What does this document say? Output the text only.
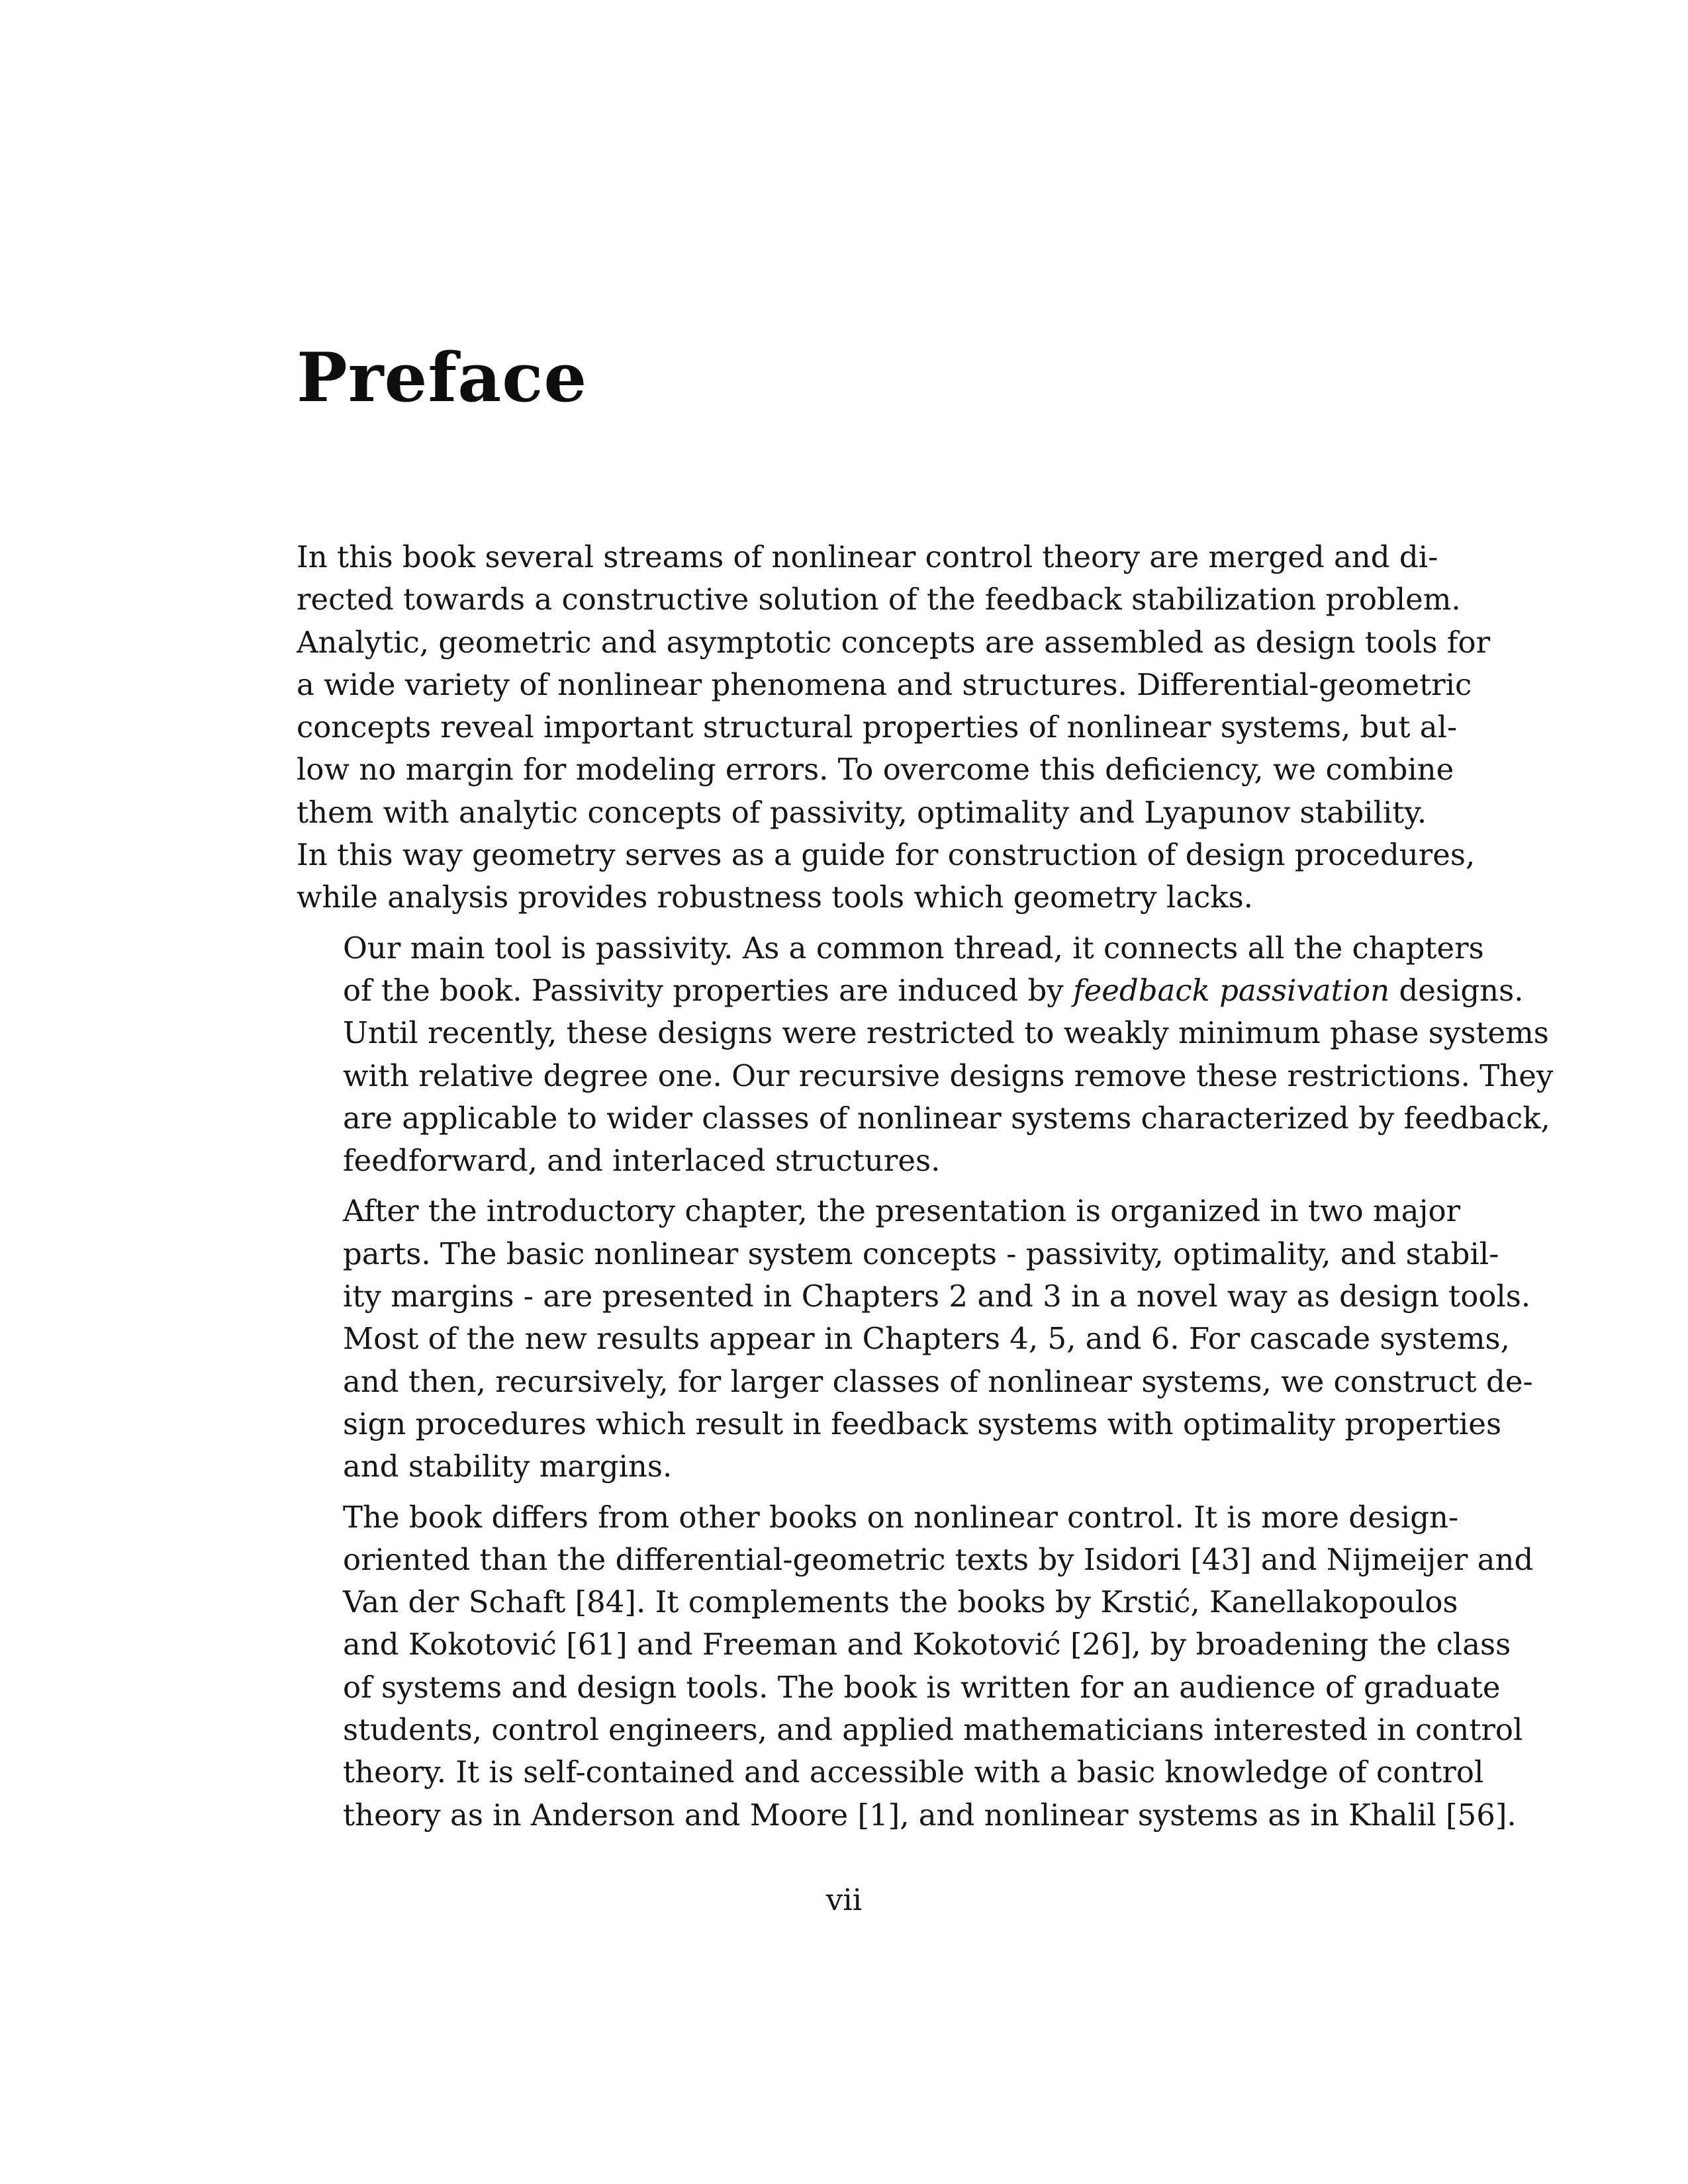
Preface
In this book several streams of nonlinear control theory are merged and di-
rected towards a constructive solution of the feedback stabilization problem.
Analytic, geometric and asymptotic concepts are assembled as design tools for
a wide variety of nonlinear phenomena and structures. Differential-geometric
concepts reveal important structural properties of nonlinear systems, but al-
low no margin for modeling errors. To overcome this deficiency, we combine
them with analytic concepts of passivity, optimality and Lyapunov stability.
In this way geometry serves as a guide for construction of design procedures,
while analysis provides robustness tools which geometry lacks.
Our main tool is passivity. As a common thread, it connects all the chapters
of the book. Passivity properties are induced by feedback passivation designs.
Until recently, these designs were restricted to weakly minimum phase systems
with relative degree one. Our recursive designs remove these restrictions. They
are applicable to wider classes of nonlinear systems characterized by feedback,
feedforward, and interlaced structures.
After the introductory chapter, the presentation is organized in two major
parts. The basic nonlinear system concepts - passivity, optimality, and stabil-
ity margins - are presented in Chapters 2 and 3 in a novel way as design tools.
Most of the new results appear in Chapters 4, 5, and 6. For cascade systems,
and then, recursively, for larger classes of nonlinear systems, we construct de-
sign procedures which result in feedback systems with optimality properties
and stability margins.
The book differs from other books on nonlinear control. It is more design-
oriented than the differential-geometric texts by Isidori [43] and Nijmeijer and
Van der Schaft [84]. It complements the books by Krstić, Kanellakopoulos
and Kokotović [61] and Freeman and Kokotović [26], by broadening the class
of systems and design tools. The book is written for an audience of graduate
students, control engineers, and applied mathematicians interested in control
theory. It is self-contained and accessible with a basic knowledge of control
theory as in Anderson and Moore [1], and nonlinear systems as in Khalil [56].
vii
